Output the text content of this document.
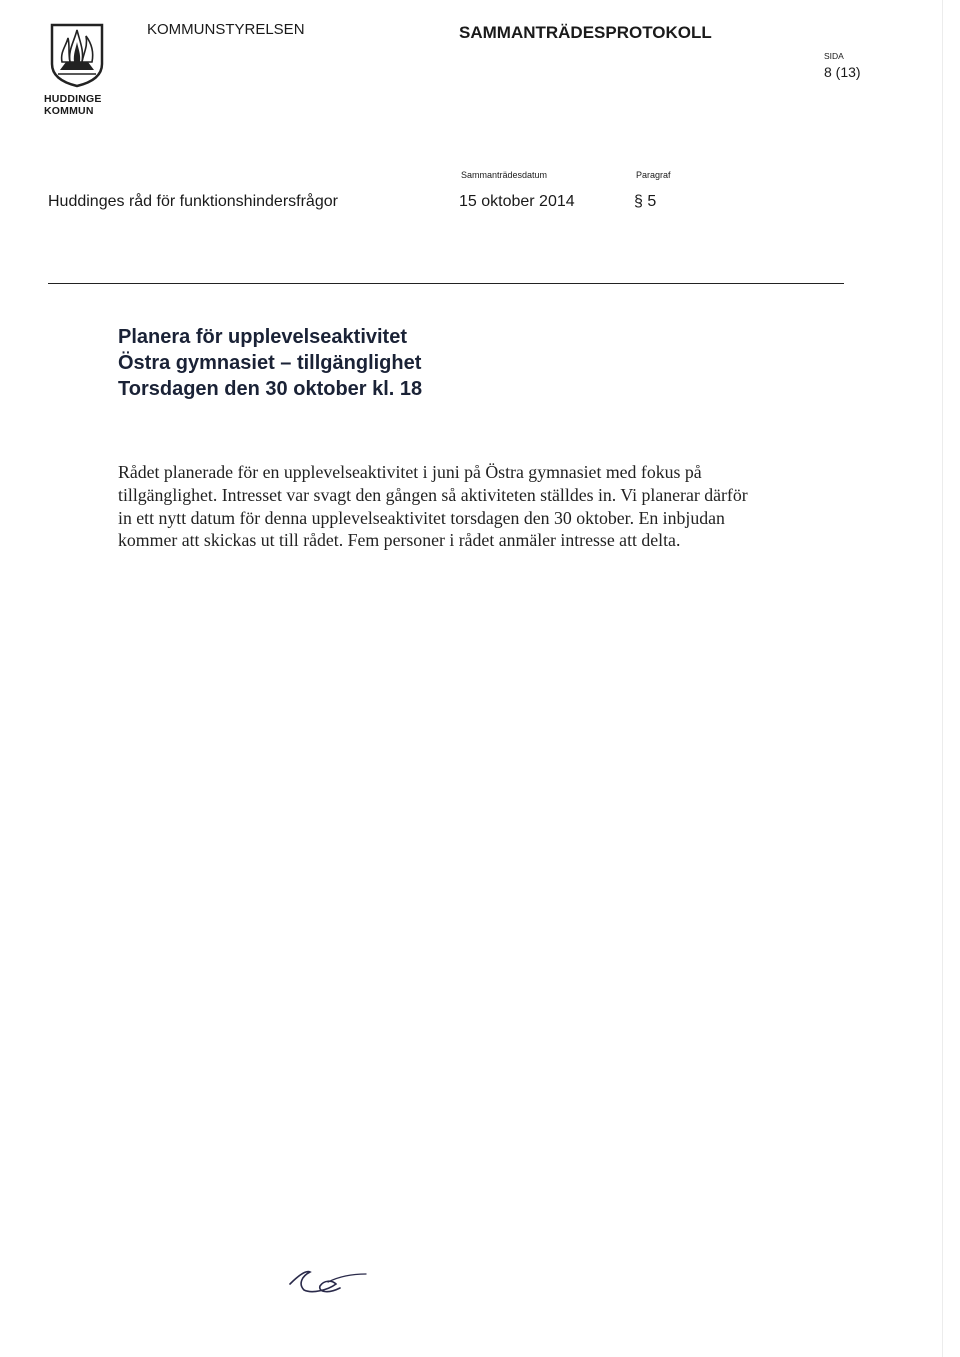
HUDDINGE
KOMMUN
KOMMUNSTYRELSEN	SAMMANTRÄDESPROTOKOLL
SIDA
8 (13)
Sammanträdesdatum	Paragraf
Huddinges råd för funktionshindersfrågor	15 oktober 2014	§ 5
Planera för upplevelseaktivitet
Östra gymnasiet – tillgänglighet
Torsdagen den 30 oktober kl. 18

Rådet planerade för en upplevelseaktivitet i juni på Östra gymnasiet med fokus på tillgänglighet. Intresset var svagt den gången så aktiviteten ställdes in. Vi planerar därför in ett nytt datum för denna upplevelseaktivitet torsdagen den 30 oktober. En inbjudan kommer att skickas ut till rådet. Fem personer i rådet anmäler intresse att delta.
